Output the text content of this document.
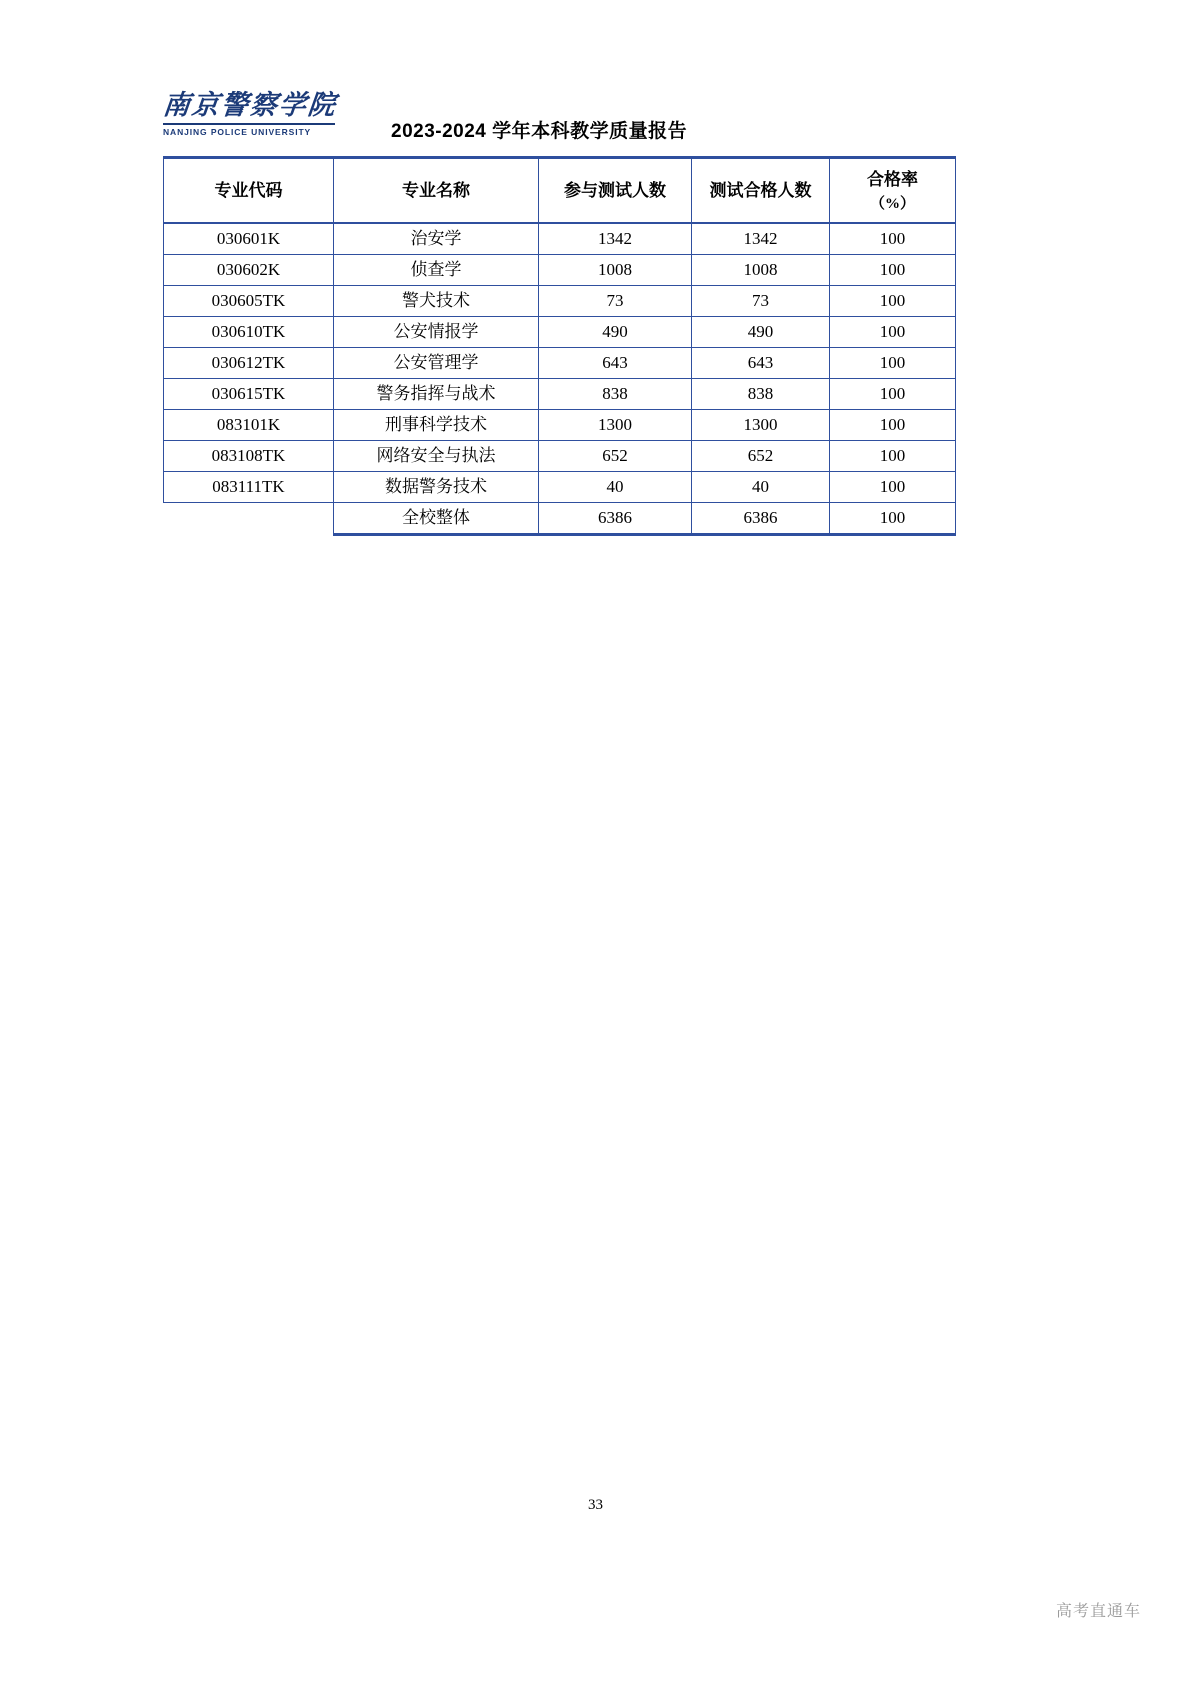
南京警察学院
NANJING POLICE UNIVERSITY	2023-2024 学年本科教学质量报告
专业代码	专业名称	参与测试人数	测试合格人数	合格率
（%）

030601K	治安学	1342	1342	100
030602K	侦查学	1008	1008	100
030605TK	警犬技术	73	73	100
030610TK	公安情报学	490	490	100
030612TK	公安管理学	643	643	100
030615TK	警务指挥与战术	838	838	100
083101K	刑事科学技术	1300	1300	100
083108TK	网络安全与执法	652	652	100
083111TK	数据警务技术	40	40	100
	全校整体	6386	6386	100
33
高考直通车
